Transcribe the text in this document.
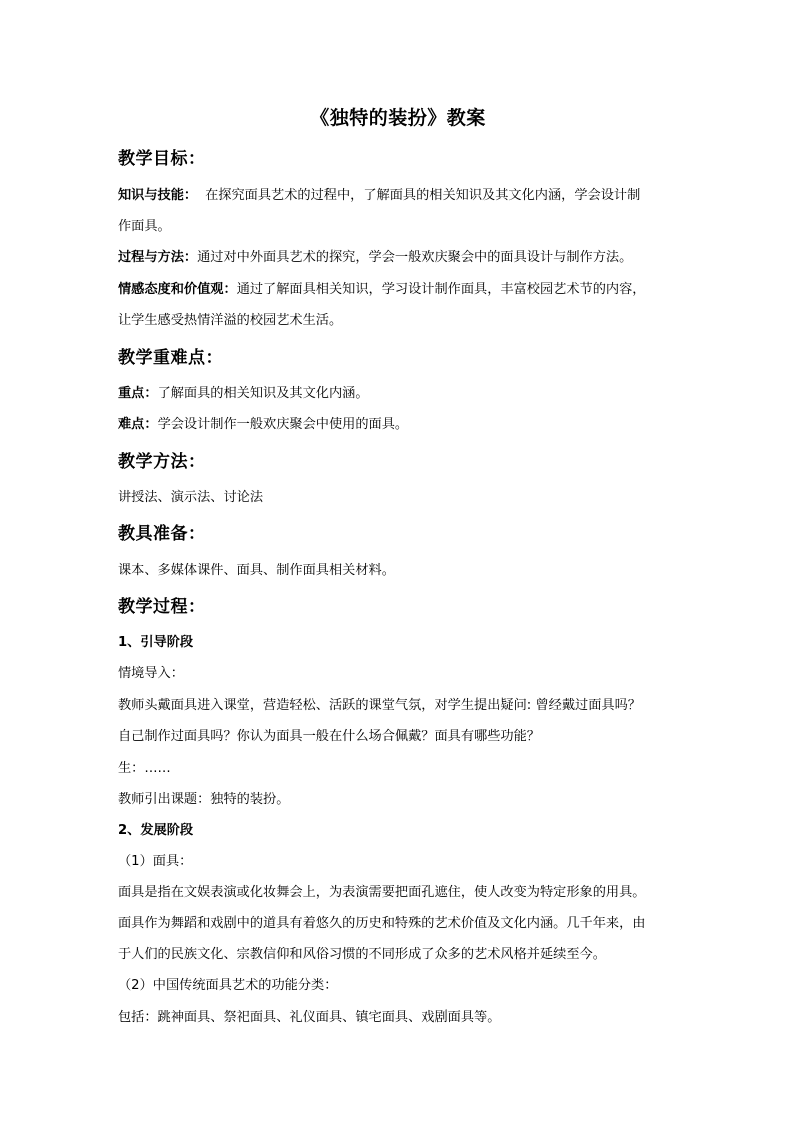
《独特的装扮》教案
教学目标：
知识与技能： 在探究面具艺术的过程中，了解面具的相关知识及其文化内涵，学会设计制
作面具。
过程与方法：通过对中外面具艺术的探究，学会一般欢庆聚会中的面具设计与制作方法。
情感态度和价值观：通过了解面具相关知识，学习设计制作面具，丰富校园艺术节的内容，
让学生感受热情洋溢的校园艺术生活。
教学重难点：
重点：了解面具的相关知识及其文化内涵。
难点：学会设计制作一般欢庆聚会中使用的面具。
教学方法：
讲授法、演示法、讨论法
教具准备：
课本、多媒体课件、面具、制作面具相关材料。
教学过程：
1、引导阶段
情境导入：
教师头戴面具进入课堂，营造轻松、活跃的课堂气氛，对学生提出疑问: 曾经戴过面具吗？
自己制作过面具吗？你认为面具一般在什么场合佩戴？面具有哪些功能？
生：……
教师引出课题：独特的装扮。
2、发展阶段
（1）面具：
面具是指在文娱表演或化妆舞会上，为表演需要把面孔遮住，使人改变为特定形象的用具。
面具作为舞蹈和戏剧中的道具有着悠久的历史和特殊的艺术价值及文化内涵。几千年来，由
于人们的民族文化、宗教信仰和风俗习惯的不同形成了众多的艺术风格并延续至今。
（2）中国传统面具艺术的功能分类：
包括：跳神面具、祭祀面具、礼仪面具、镇宅面具、戏剧面具等。
